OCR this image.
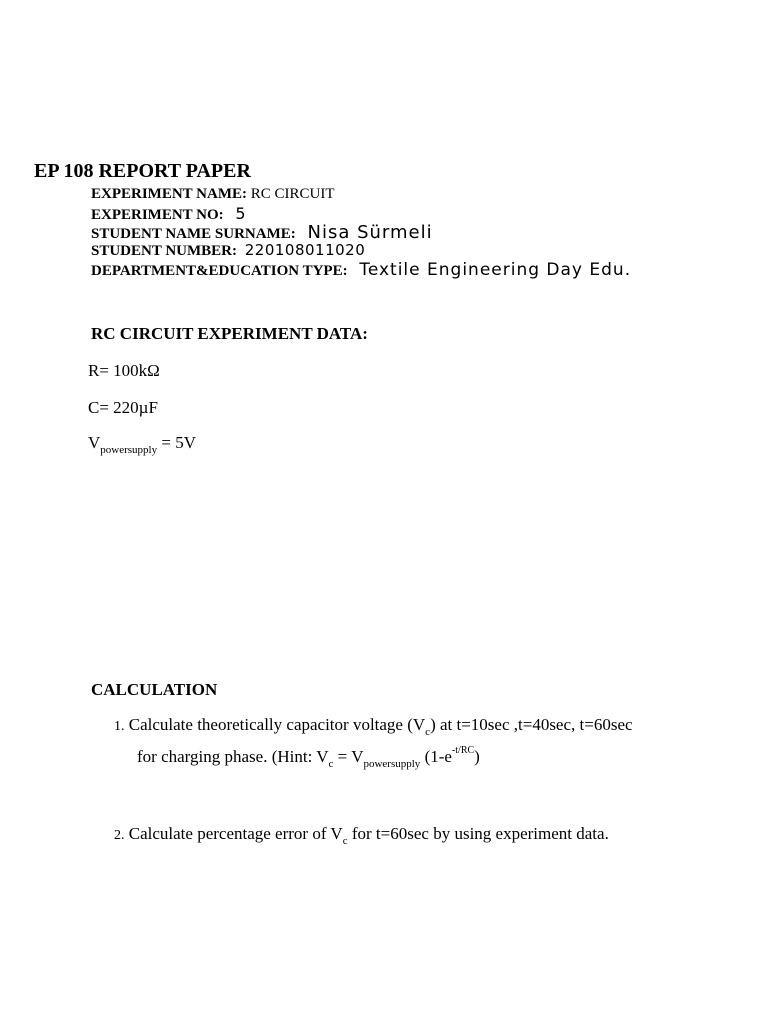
EP 108 REPORT PAPER
EXPERIMENT NAME: RC CIRCUIT
EXPERIMENT NO: 5
STUDENT NAME SURNAME: Nisa Sürmeli
STUDENT NUMBER: 220108011020
DEPARTMENT&EDUCATION TYPE: Textile Engineering Day Edu.
RC CIRCUIT EXPERIMENT DATA:
R= 100kΩ
C= 220µF
$V_{powersupply} = 5V$
CALCULATION
1. Calculate theoretically capacitor voltage $(V_c)$ at t=10sec ,t=40sec, t=60sec
for charging phase. (Hint: $V_c = V_{powersupply}$ $(1-e^{-t/RC})$
2. Calculate percentage error of $V_c$ for t=60sec by using experiment data.
